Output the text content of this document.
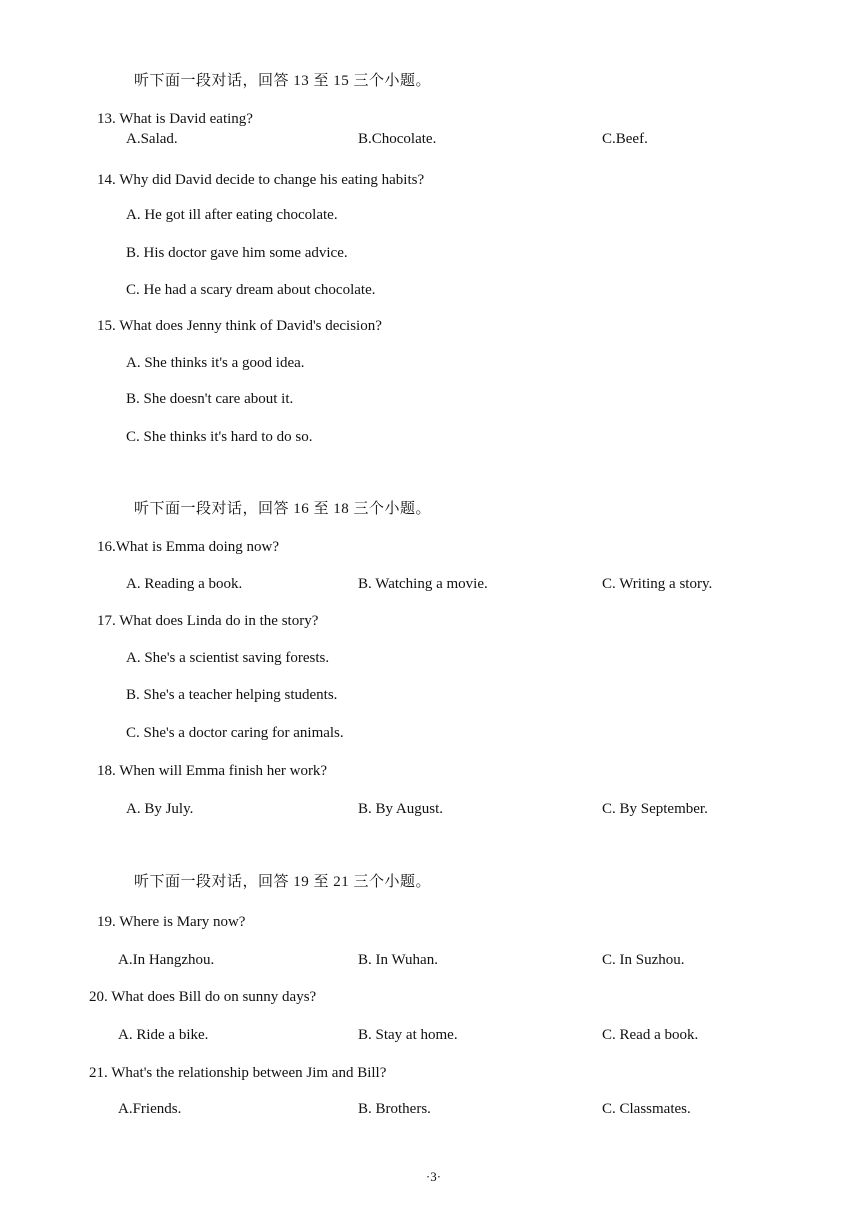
听下面一段对话，回答 13 至 15 三个小题。
13. What is David eating?
A.Salad.	B.Chocolate.	C.Beef.
14. Why did David decide to change his eating habits?
A. He got ill after eating chocolate.
B. His doctor gave him some advice.
C. He had a scary dream about chocolate.
15. What does Jenny think of David's decision?
A. She thinks it's a good idea.
B. She doesn't care about it.
C. She thinks it's hard to do so.
听下面一段对话，回答 16 至 18 三个小题。
16.What is Emma doing now?
A. Reading a book.	B. Watching a movie.	C. Writing a story.
17. What does Linda do in the story?
A. She's a scientist saving forests.
B. She's a teacher helping students.
C. She's a doctor caring for animals.
18. When will Emma finish her work?
A. By July.	B. By August.	C. By September.
听下面一段对话，回答 19 至 21 三个小题。
19. Where is Mary now?
A.In Hangzhou.	B. In Wuhan.	C. In Suzhou.
20. What does Bill do on sunny days?
A. Ride a bike.	B. Stay at home.	C. Read a book.
21. What's the relationship between Jim and Bill?
A.Friends.	B. Brothers.	C. Classmates.
·3·
